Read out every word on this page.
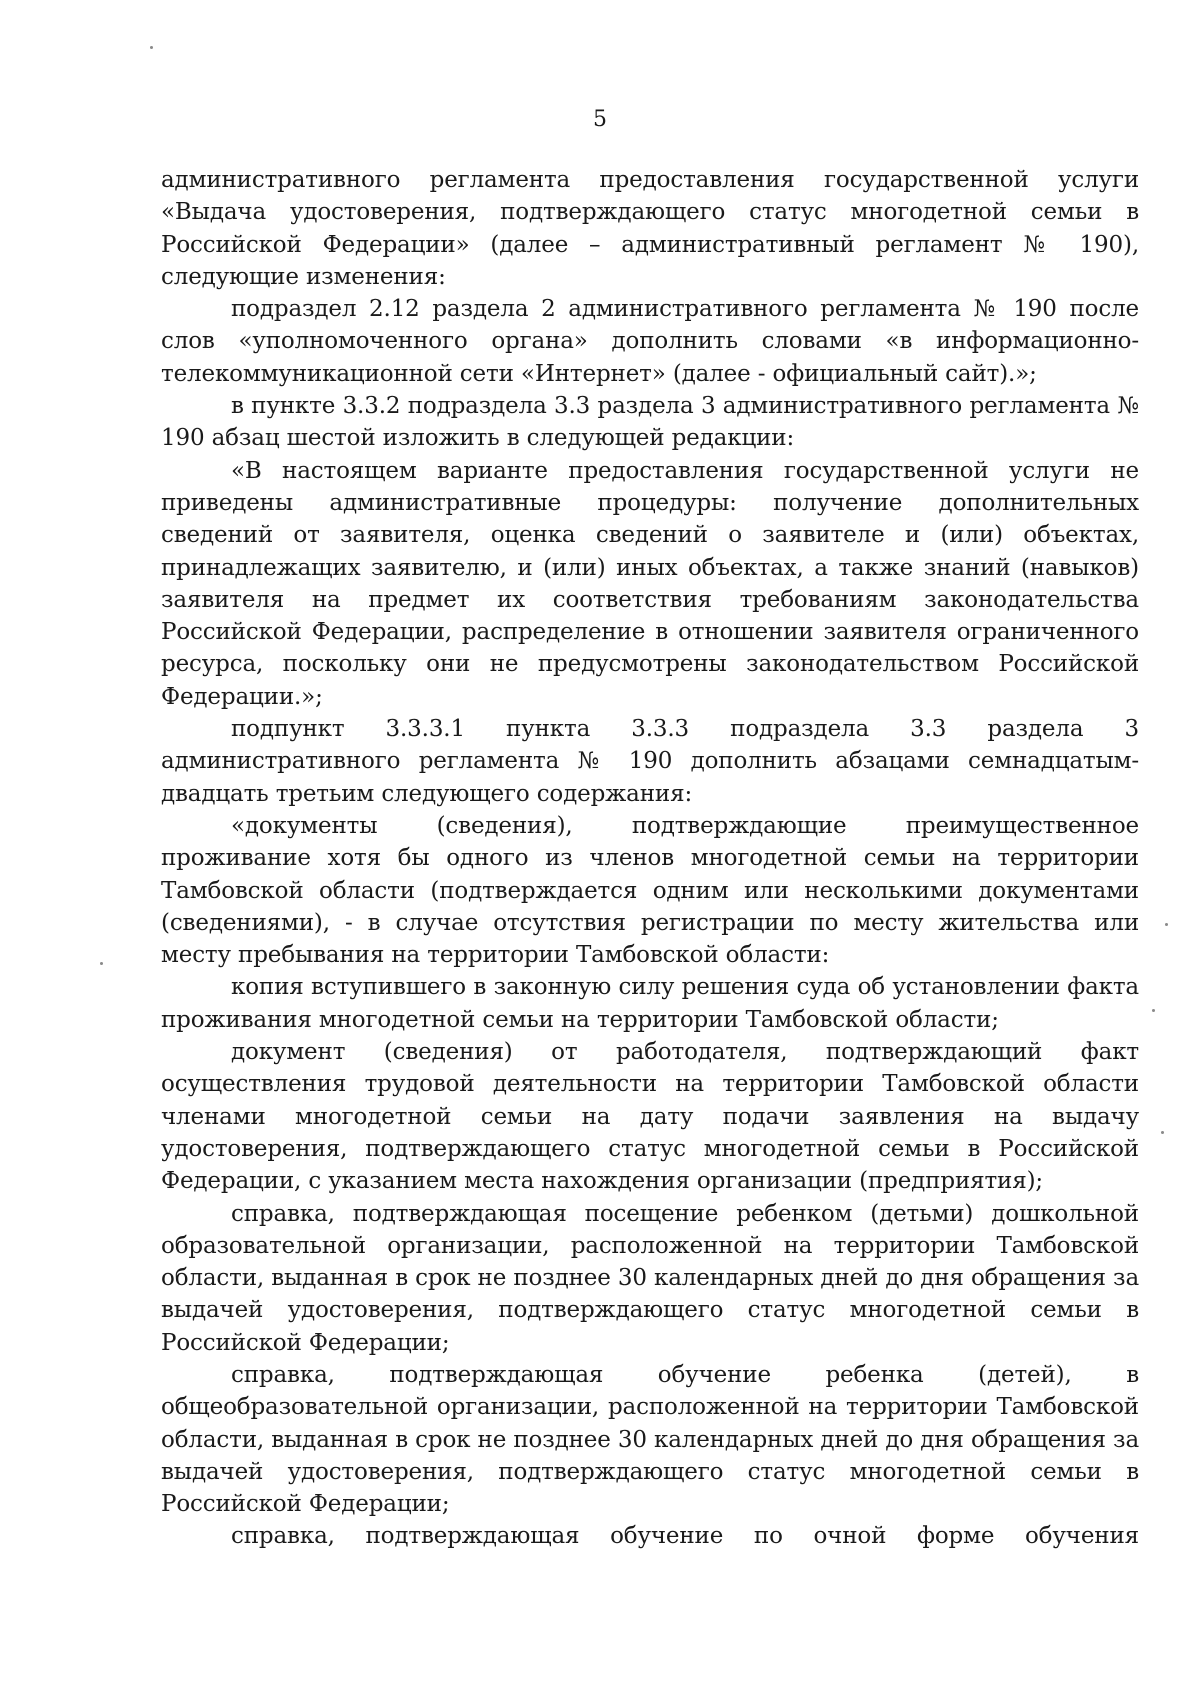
5

административного регламента предоставления государственной услуги «Выдача удостоверения, подтверждающего статус многодетной семьи в Российской Федерации» (далее – административный регламент № 190), следующие изменения:

подраздел 2.12 раздела 2 административного регламента № 190 после слов «уполномоченного органа» дополнить словами «в информационно-телекоммуникационной сети «Интернет» (далее - официальный сайт).»;

в пункте 3.3.2 подраздела 3.3 раздела 3 административного регламента № 190 абзац шестой изложить в следующей редакции:

«В настоящем варианте предоставления государственной услуги не приведены административные процедуры: получение дополнительных сведений от заявителя, оценка сведений о заявителе и (или) объектах, принадлежащих заявителю, и (или) иных объектах, а также знаний (навыков) заявителя на предмет их соответствия требованиям законодательства Российской Федерации, распределение в отношении заявителя ограниченного ресурса, поскольку они не предусмотрены законодательством Российской Федерации.»;

подпункт 3.3.3.1 пункта 3.3.3 подраздела 3.3 раздела 3 административного регламента № 190 дополнить абзацами семнадцатым-двадцать третьим следующего содержания:

«документы (сведения), подтверждающие преимущественное проживание хотя бы одного из членов многодетной семьи на территории Тамбовской области (подтверждается одним или несколькими документами (сведениями), - в случае отсутствия регистрации по месту жительства или месту пребывания на территории Тамбовской области:

копия вступившего в законную силу решения суда об установлении факта проживания многодетной семьи на территории Тамбовской области;

документ (сведения) от работодателя, подтверждающий факт осуществления трудовой деятельности на территории Тамбовской области членами многодетной семьи на дату подачи заявления на выдачу удостоверения, подтверждающего статус многодетной семьи в Российской Федерации, с указанием места нахождения организации (предприятия);

справка, подтверждающая посещение ребенком (детьми) дошкольной образовательной организации, расположенной на территории Тамбовской области, выданная в срок не позднее 30 календарных дней до дня обращения за выдачей удостоверения, подтверждающего статус многодетной семьи в Российской Федерации;

справка, подтверждающая обучение ребенка (детей), в общеобразовательной организации, расположенной на территории Тамбовской области, выданная в срок не позднее 30 календарных дней до дня обращения за выдачей удостоверения, подтверждающего статус многодетной семьи в Российской Федерации;

справка, подтверждающая обучение по очной форме обучения
